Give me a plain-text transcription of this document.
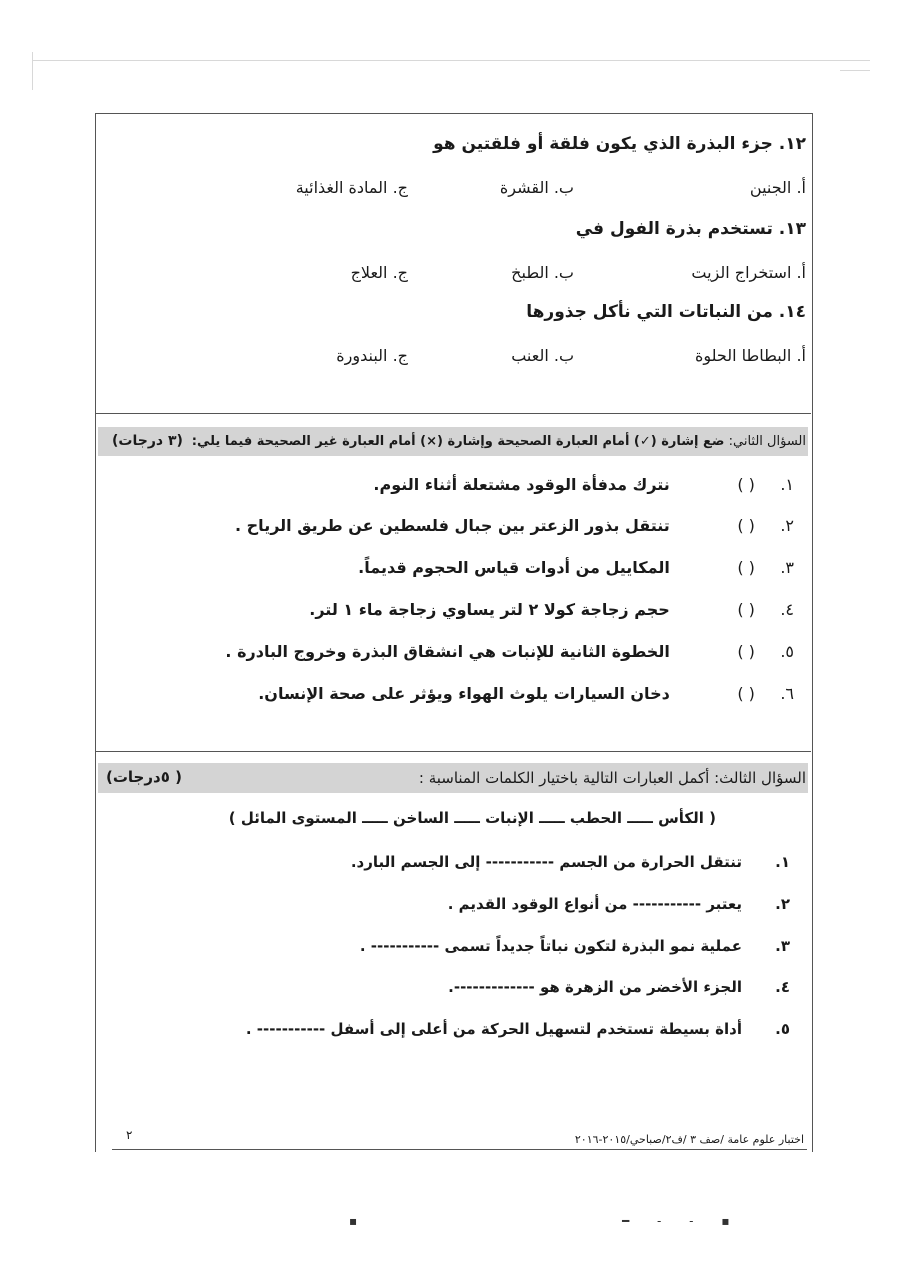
١٢. جزء البذرة الذي يكون فلقة أو فلقتين هو
أ. الجنين
ب. القشرة
ج. المادة الغذائية
١٣. تستخدم بذرة الفول في
أ. استخراج الزيت
ب. الطبخ
ج. العلاج
١٤. من النباتات التي نأكل جذورها
أ. البطاطا الحلوة
ب. العنب
ج. البندورة
السؤال الثاني: ضع إشارة (✓) أمام العبارة الصحيحة وإشارة (×) أمام العبارة غير الصحيحة فيما يلي:
(٣ درجات)
١. ( ) نترك مدفأة الوقود مشتعلة أثناء النوم.
٢. ( ) تنتقل بذور الزعتر بين جبال فلسطين عن طريق الرياح .
٣. ( ) المكاييل من أدوات قياس الحجوم قديماً.
٤. ( ) حجم زجاجة كولا ٢ لتر يساوي زجاجة ماء ١ لتر.
٥. ( ) الخطوة الثانية للإنبات هي انشقاق البذرة وخروج البادرة .
٦. ( ) دخان السيارات يلوث الهواء ويؤثر على صحة الإنسان.
السؤال الثالث: أكمل العبارات التالية باختيار الكلمات المناسبة :
( ٥درجات)
( الكأس ـــــ الحطب ـــــ الإنبات ـــــ الساخن ـــــ المستوى المائل )
١.تنتقل الحرارة من الجسم ----------- إلى الجسم البارد.
٢.يعتبر ----------- من أنواع الوقود القديم .
٣.عملية نمو البذرة لتكون نباتاً جديداً تسمى ----------- .
٤.الجزء الأخضر من الزهرة هو -------------.
٥.أداة بسيطة تستخدم لتسهيل الحركة من أعلى إلى أسفل ----------- .
اختبار علوم عامة /صف ٣ /ف٢/صباحي/٢٠١٥-٢٠١٦
٢
▪	▪ - - ━
